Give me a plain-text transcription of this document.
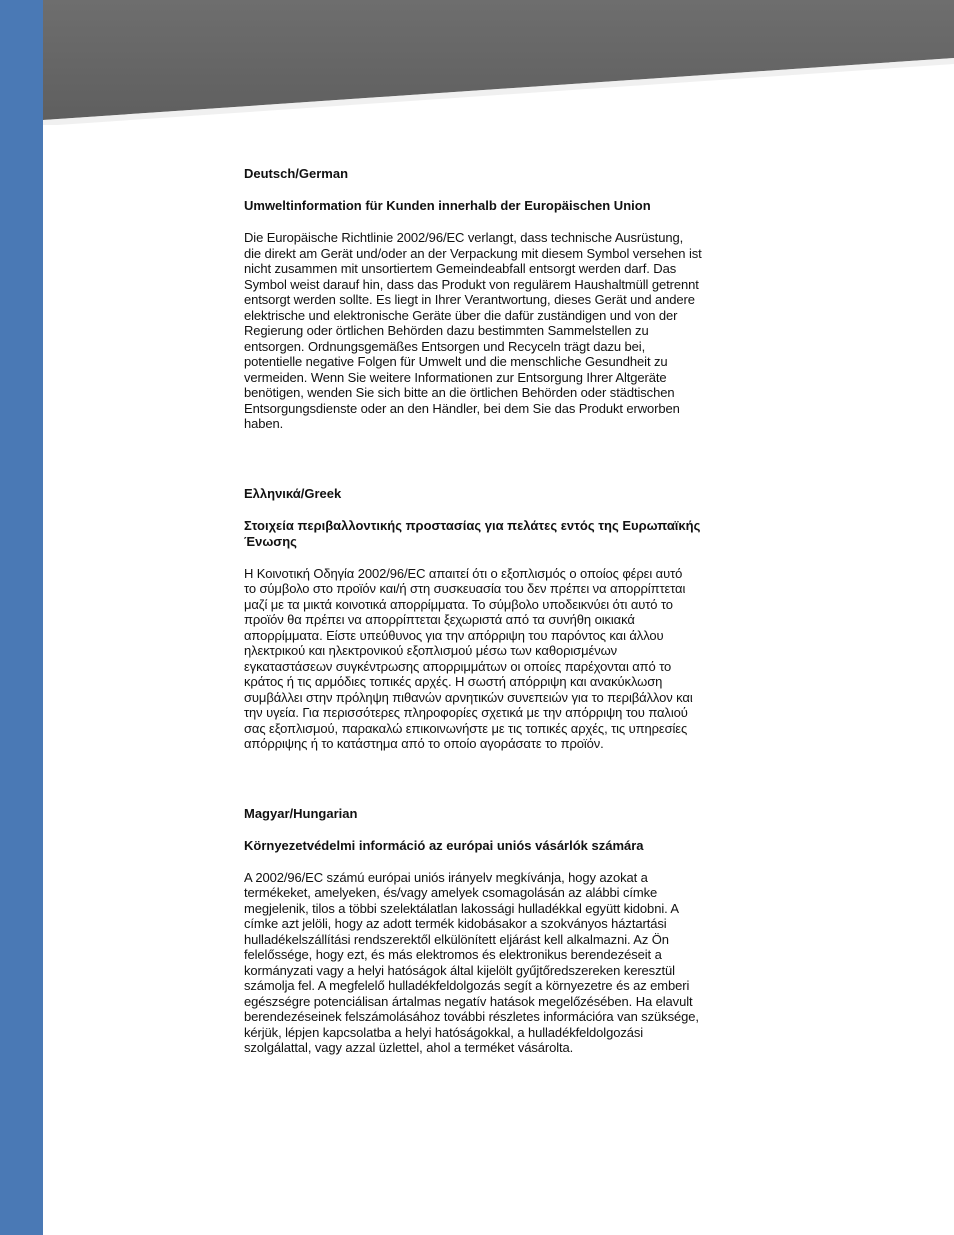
Deutsch/German

Umweltinformation für Kunden innerhalb der Europäischen Union

Die Europäische Richtlinie 2002/96/EC verlangt, dass technische Ausrüstung,
die direkt am Gerät und/oder an der Verpackung mit diesem Symbol versehen ist
nicht zusammen mit unsortiertem Gemeindeabfall entsorgt werden darf. Das
Symbol weist darauf hin, dass das Produkt von regulärem Haushaltmüll getrennt
entsorgt werden sollte. Es liegt in Ihrer Verantwortung, dieses Gerät und andere
elektrische und elektronische Geräte über die dafür zuständigen und von der
Regierung oder örtlichen Behörden dazu bestimmten Sammelstellen zu
entsorgen. Ordnungsgemäßes Entsorgen und Recyceln trägt dazu bei,
potentielle negative Folgen für Umwelt und die menschliche Gesundheit zu
vermeiden. Wenn Sie weitere Informationen zur Entsorgung Ihrer Altgeräte
benötigen, wenden Sie sich bitte an die örtlichen Behörden oder städtischen
Entsorgungsdienste oder an den Händler, bei dem Sie das Produkt erworben
haben.

Ελληνικά/Greek

Στοιχεία περιβαλλοντικής προστασίας για πελάτες εντός της Ευρωπαϊκής
Ένωσης

Η Κοινοτική Οδηγία 2002/96/EC απαιτεί ότι ο εξοπλισμός ο οποίος φέρει αυτό
το σύμβολο στο προϊόν και/ή στη συσκευασία του δεν πρέπει να απορρίπτεται
μαζί με τα μικτά κοινοτικά απορρίμματα. Το σύμβολο υποδεικνύει ότι αυτό το
προϊόν θα πρέπει να απορρίπτεται ξεχωριστά από τα συνήθη οικιακά
απορρίμματα. Είστε υπεύθυνος για την απόρριψη του παρόντος και άλλου
ηλεκτρικού και ηλεκτρονικού εξοπλισμού μέσω των καθορισμένων
εγκαταστάσεων συγκέντρωσης απορριμμάτων οι οποίες παρέχονται από το
κράτος ή τις αρμόδιες τοπικές αρχές. Η σωστή απόρριψη και ανακύκλωση
συμβάλλει στην πρόληψη πιθανών αρνητικών συνεπειών για το περιβάλλον και
την υγεία. Για περισσότερες πληροφορίες σχετικά με την απόρριψη του παλιού
σας εξοπλισμού, παρακαλώ επικοινωνήστε με τις τοπικές αρχές, τις υπηρεσίες
απόρριψης ή το κατάστημα από το οποίο αγοράσατε το προϊόν.

Magyar/Hungarian

Környezetvédelmi információ az európai uniós vásárlók számára

A 2002/96/EC számú európai uniós irányelv megkívánja, hogy azokat a
termékeket, amelyeken, és/vagy amelyek csomagolásán az alábbi címke
megjelenik, tilos a többi szelektálatlan lakossági hulladékkal együtt kidobni. A
címke azt jelöli, hogy az adott termék kidobásakor a szokványos háztartási
hulladékelszállítási rendszerektől elkülönített eljárást kell alkalmazni. Az Ön
felelőssége, hogy ezt, és más elektromos és elektronikus berendezéseit a
kormányzati vagy a helyi hatóságok által kijelölt gyűjtőredszereken keresztül
számolja fel. A megfelelő hulladékfeldolgozás segít a környezetre és az emberi
egészségre potenciálisan ártalmas negatív hatások megelőzésében. Ha elavult
berendezéseinek felszámolásához további részletes információra van szüksége,
kérjük, lépjen kapcsolatba a helyi hatóságokkal, a hulladékfeldolgozási
szolgálattal, vagy azzal üzlettel, ahol a terméket vásárolta.
